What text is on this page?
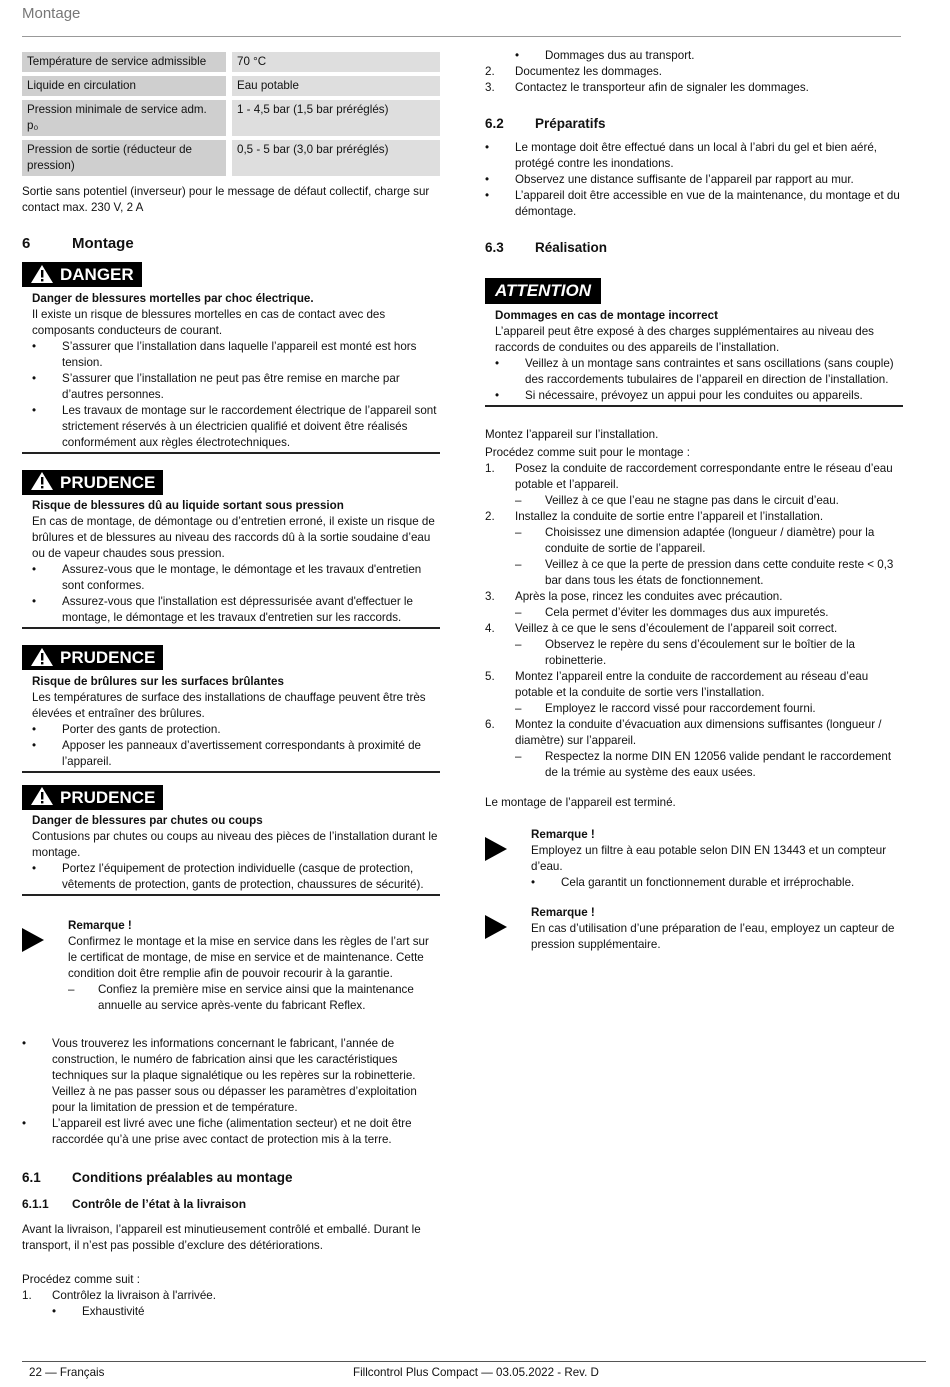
Montage
Température de service admissible	70 °C
Liquide en circulation	Eau potable
Pression minimale de service adm. p₀	1 - 4,5 bar (1,5 bar préréglés)
Pression de sortie (réducteur de pression)	0,5 - 5 bar (3,0 bar préréglés)

Sortie sans potentiel (inverseur) pour le message de défaut collectif, charge sur contact max. 230 V, 2 A

6	Montage
DANGER
Danger de blessures mortelles par choc électrique.

Il existe un risque de blessures mortelles en cas de contact avec des composants conducteurs de courant.

•	S’assurer que l’installation dans laquelle l’appareil est monté est hors tension.
•	S’assurer que l’installation ne peut pas être remise en marche par d’autres personnes.
•	Les travaux de montage sur le raccordement électrique de l’appareil sont strictement réservés à un électricien qualifié et doivent être réalisés conformément aux règles électrotechniques.
PRUDENCE
Risque de blessures dû au liquide sortant sous pression

En cas de montage, de démontage ou d’entretien erroné, il existe un risque de brûlures et de blessures au niveau des raccords dû à la sortie soudaine d’eau ou de vapeur chaudes sous pression.

•	Assurez-vous que le montage, le démontage et les travaux d'entretien sont conformes.
•	Assurez-vous que l'installation est dépressurisée avant d'effectuer le montage, le démontage et les travaux d'entretien sur les raccords.
PRUDENCE
Risque de brûlures sur les surfaces brûlantes

Les températures de surface des installations de chauffage peuvent être très élevées et entraîner des brûlures.

•	Porter des gants de protection.
•	Apposer les panneaux d’avertissement correspondants à proximité de l’appareil.
PRUDENCE
Danger de blessures par chutes ou coups

Contusions par chutes ou coups au niveau des pièces de l’installation durant le montage.

•	Portez l’équipement de protection individuelle (casque de protection, vêtements de protection, gants de protection, chaussures de sécurité).
Remarque !

Confirmez le montage et la mise en service dans les règles de l’art sur le certificat de montage, de mise en service et de maintenance. Cette condition doit être remplie afin de pouvoir recourir à la garantie.

–	Confiez la première mise en service ainsi que la maintenance annuelle au service après-vente du fabricant Reflex.
•	Vous trouverez les informations concernant le fabricant, l’année de construction, le numéro de fabrication ainsi que les caractéristiques techniques sur la plaque signalétique ou les repères sur la robinetterie. Veillez à ne pas passer sous ou dépasser les paramètres d’exploitation pour la limitation de pression et de température.
•	L’appareil est livré avec une fiche (alimentation secteur) et ne doit être raccordée qu’à une prise avec contact de protection mis à la terre.
6.1	Conditions préalables au montage
6.1.1	Contrôle de l’état à la livraison

Avant la livraison, l’appareil est minutieusement contrôlé et emballé. Durant le transport, il n’est pas possible d’exclure des détériorations.

Procédez comme suit :

1.	Contrôlez la livraison à l'arrivée.
•	Exhaustivité
•	Dommages dus au transport.
2.	Documentez les dommages.
3.	Contactez le transporteur afin de signaler les dommages.
6.2	Préparatifs
•	Le montage doit être effectué dans un local à l’abri du gel et bien aéré, protégé contre les inondations.
•	Observez une distance suffisante de l’appareil par rapport au mur.
•	L’appareil doit être accessible en vue de la maintenance, du montage et du démontage.
6.3	Réalisation
ATTENTION
Dommages en cas de montage incorrect

L’appareil peut être exposé à des charges supplémentaires au niveau des raccords de conduites ou des appareils de l’installation.

•	Veillez à un montage sans contraintes et sans oscillations (sans couple) des raccordements tubulaires de l’appareil en direction de l’installation.
•	Si nécessaire, prévoyez un appui pour les conduites ou appareils.

Montez l’appareil sur l’installation.

Procédez comme suit pour le montage :

1.	Posez la conduite de raccordement correspondante entre le réseau d’eau potable et l’appareil.
–	Veillez à ce que l’eau ne stagne pas dans le circuit d’eau.
2.	Installez la conduite de sortie entre l’appareil et l’installation.
–	Choisissez une dimension adaptée (longueur / diamètre) pour la conduite de sortie de l’appareil.
–	Veillez à ce que la perte de pression dans cette conduite reste < 0,3 bar dans tous les états de fonctionnement.
3.	Après la pose, rincez les conduites avec précaution.
–	Cela permet d’éviter les dommages dus aux impuretés.
4.	Veillez à ce que le sens d’écoulement de l’appareil soit correct.
–	Observez le repère du sens d’écoulement sur le boîtier de la robinetterie.
5.	Montez l’appareil entre la conduite de raccordement au réseau d’eau potable et la conduite de sortie vers l’installation.
–	Employez le raccord vissé pour raccordement fourni.
6.	Montez la conduite d’évacuation aux dimensions suffisantes (longueur / diamètre) sur l’appareil.
–	Respectez la norme DIN EN 12056 valide pendant le raccordement de la trémie au système des eaux usées.

Le montage de l’appareil est terminé.

Remarque !

Employez un filtre à eau potable selon DIN EN 13443 et un compteur d’eau.

•	Cela garantit un fonctionnement durable et irréprochable.
Remarque !

En cas d’utilisation d’une préparation de l’eau, employez un capteur de pression supplémentaire.

22 — Français	Fillcontrol Plus Compact — 03.05.2022 - Rev. D
